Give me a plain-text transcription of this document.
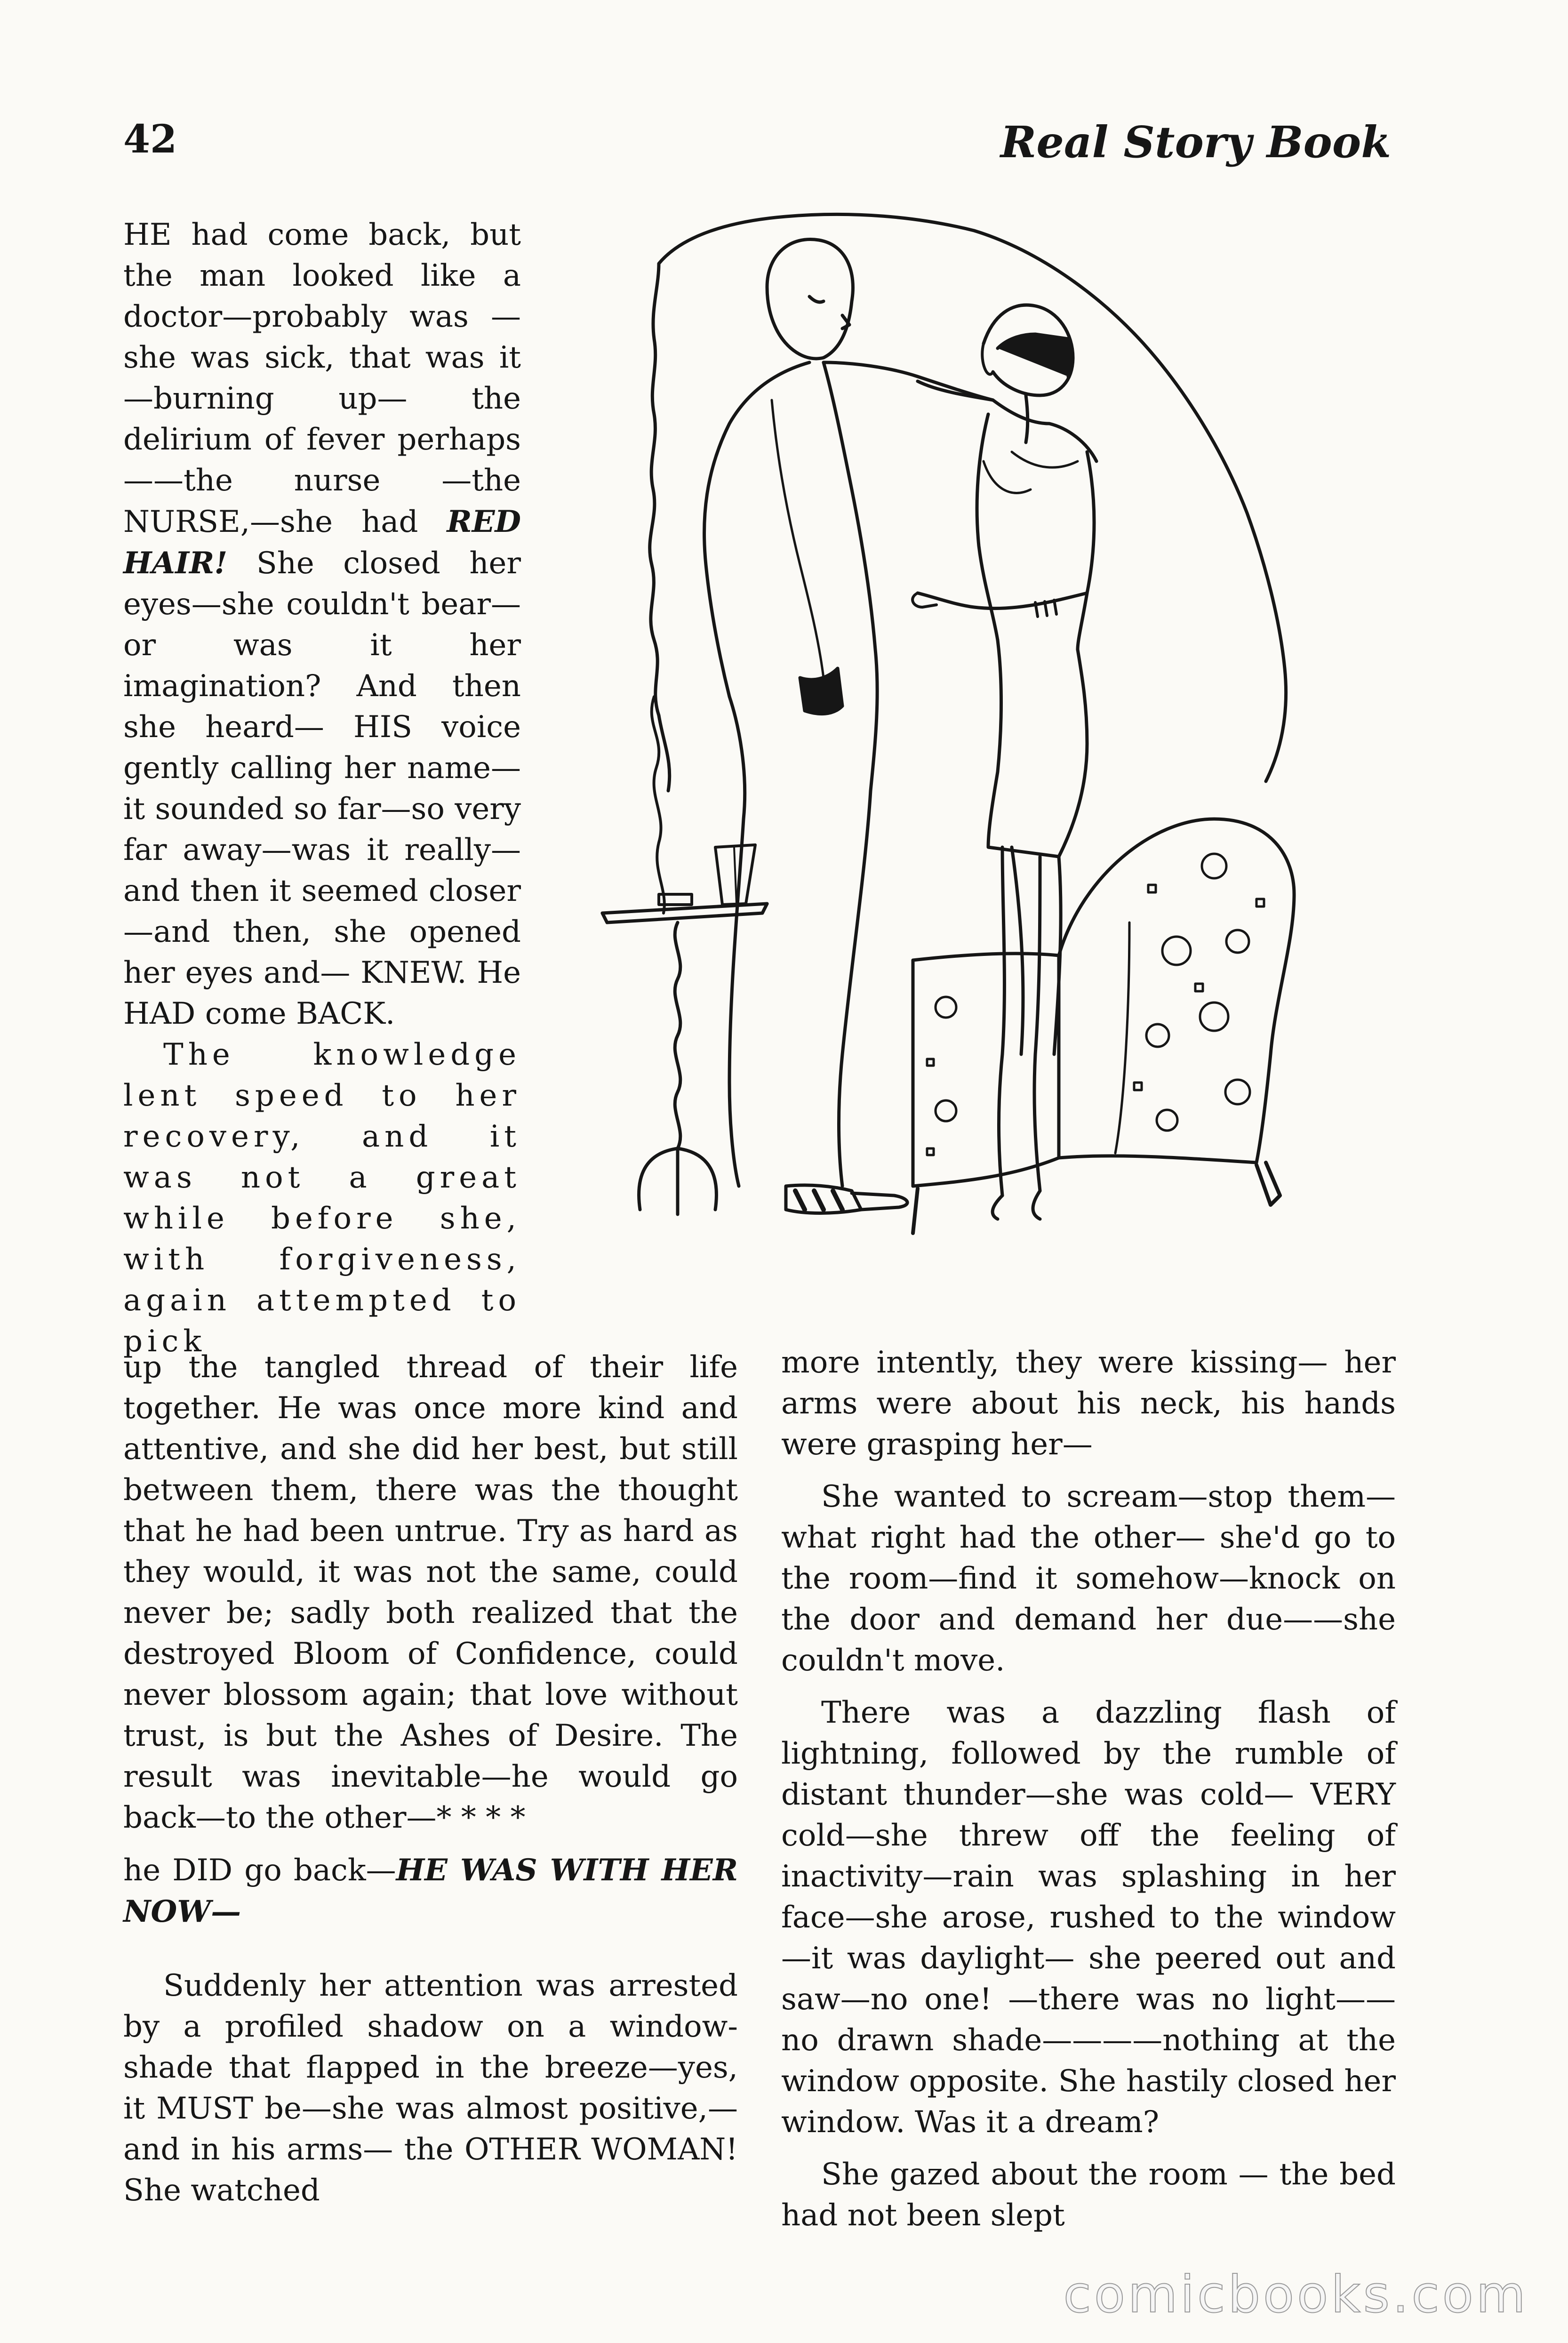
42	Real Story Book

HE had come back, but the man looked like a doctor—probably was —she was sick, that was it—burning up— the delirium of fever perhaps——the nurse —the NURSE,—she had RED HAIR! She closed her eyes—she couldn't bear—or was it her imagination? And then she heard— HIS voice gently calling her name—it sounded so far—so very far away—was it really— and then it seemed closer—and then, she opened her eyes and— KNEW. He HAD come BACK.

The knowledge lent speed to her recovery, and it was not a great while before she, with forgiveness, again attempted to pick

up the tangled thread of their life together. He was once more kind and attentive, and she did her best, but still between them, there was the thought that he had been untrue. Try as hard as they would, it was not the same, could never be; sadly both realized that the destroyed Bloom of Confidence, could never blossom again; that love without trust, is but the Ashes of Desire. The result was inevitable—he would go back—to the other—* * * *

he DID go back—HE WAS WITH HER NOW—

Suddenly her attention was arrested by a profiled shadow on a window-shade that flapped in the breeze—yes, it MUST be—she was almost positive,—and in his arms— the OTHER WOMAN! She watched

more intently, they were kissing— her arms were about his neck, his hands were grasping her—

She wanted to scream—stop them—what right had the other— she'd go to the room—find it somehow—knock on the door and demand her due——she couldn't move.

There was a dazzling flash of lightning, followed by the rumble of distant thunder—she was cold— VERY cold—she threw off the feeling of inactivity—rain was splashing in her face—she arose, rushed to the window—it was daylight— she peered out and saw—no one! —there was no light——no drawn shade————nothing at the window opposite. She hastily closed her window. Was it a dream?

She gazed about the room — the bed had not been slept

comicbooks.com
